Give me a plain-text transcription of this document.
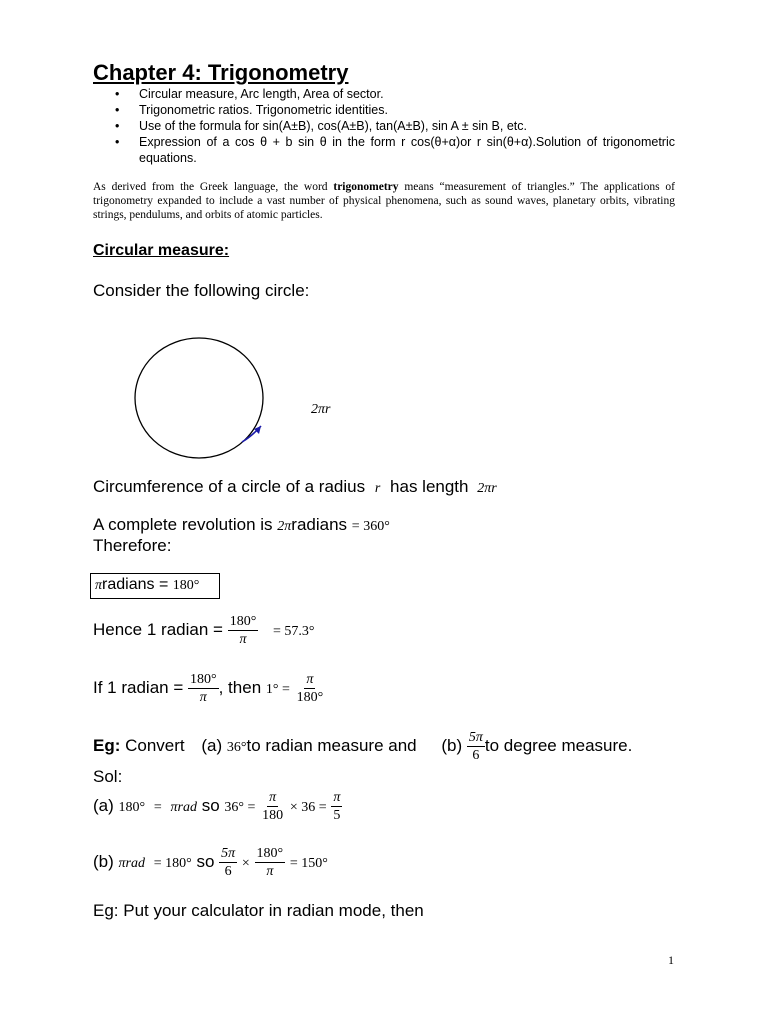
Chapter 4: Trigonometry
• Circular measure, Arc length, Area of sector.
• Trigonometric ratios. Trigonometric identities.
• Use of the formula for sin(A±B), cos(A±B), tan(A±B), sin A ± sin B, etc.
• Expression of a cos θ + b sin θ in the form r cos(θ+α)or r sin(θ+α).Solution of trigonometric equations.
As derived from the Greek language, the word trigonometry means “measurement of triangles.” The applications of trigonometry expanded to include a vast number of physical phenomena, such as sound waves, planetary orbits, vibrating strings, pendulums, and orbits of atomic particles.
Circular measure:
Consider the following circle:
2πr
Circumference of a circle of a radius r has length 2πr
A complete revolution is 2πradians = 360°
Therefore:
πradians = 180°
Hence 1 radian = $\frac{180^\circ}{\pi} = 57.3^\circ$
If 1 radian = $\frac{180^\circ}{\pi}$ , then $1^\circ = \frac{\pi}{180^\circ}$
Eg: Convert (a) 36°to radian measure and $(b) \frac{5\pi}{6}$ to degree measure.
Sol:
(a) 180° = πrad so $36^\circ = \frac{\pi}{180} \times 36 = \frac{\pi}{5}$
(b) πrad = 180° so $\frac{5\pi}{6} \times \frac{180^\circ}{\pi} = 150^\circ$
Eg: Put your calculator in radian mode, then
1
